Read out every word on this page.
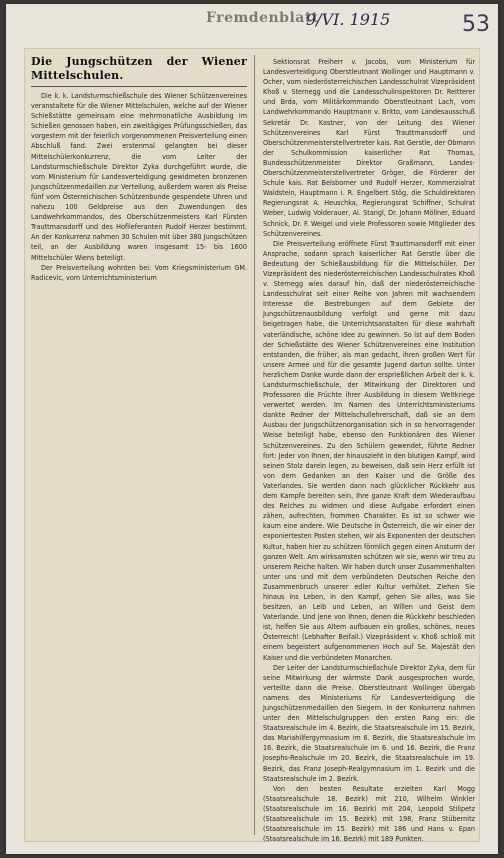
Fremdenblatt
9/VI. 1915	53
Die Jungschützen der Wiener Mittelschulen.

Die k. k. Landsturmschießschule des Wiener Schützenvereines veranstaltete für die Wiener Mittelschulen, welche auf der Wiener Schießstätte gemeinsam eine mehrmonatliche Ausbildung im Schießen genossen haben, ein zweitägiges Prüfungsschießen, das vorgestern mit der feierlich vorgenommenen Preisverteilung einen Abschluß fand. Zwei erstenmal gelangten bei dieser Mittelschülerkonkurrenz, die vom Leiter der Landsturmschießschule Direktor Zyka durchgeführt wurde, die vom Ministerium für Landesverteidigung gewidmeten bronzenen Jungschützenmedaillen zur Verteilung, außerdem waren als Preise fünf vom Österreichischen Schützenbunde gespendete Uhren und nahezu 100 Geldpreise aus den Zuwendungen des Landwehrkommandos, des Oberschützenmeisters Karl Fürsten Trauttmansdorff und des Hoflieferanten Rudolf Herzer bestimmt. An der Konkurrenz nahmen 30 Schulen mit über 380 Jungschützen teil, an der Ausbildung waren insgesamt 15- bis 1600 Mittelschüler Wiens beteiligt.

Der Preisverteilung wohnten bei: Vom Kriegsministerium GM. Radicevic, vom Unterrichtsministerium

Sektionsrat Freiherr v. Jacobs, vom Ministerium für Landesverteidigung Oberstleutnant Wollinger und Hauptmann v. Ocher, vom niederösterreichischen Landesschulrat Vizepräsident Khoß v. Sternegg und die Landesschulinspektoren Dr. Reitterer und Brda, vom Militärkommando Oberstleutnant Lach, vom Landwehrkommando Hauptmann v. Britto, vom Landesausschuß Sekretär Dr. Kastner, von der Leitung des Wiener Schützenvereines Karl Fürst Trauttmansdorff und Oberschützenmeisterstellvertreter kais. Rat Gerstle, der Obmann der Schulkommission kaiserlicher Rat Thomas, Bundesschützenmeister Direktor Graßmann, Landes-Oberschützenmeisterstellvertreter Gröger, die Förderer der Schule kais. Rat Belsborner und Rudolf Herzer, Kommerzialrat Waldstein, Hauptmann i. R. Engelbert Stög, die Schuldirektoren Regierungsrat A. Heuschka, Regierungsrat Schiffner, Schulrat Weber, Ludwig Volderauer, Al. Stangl, Dr. Johann Möllner, Eduard Schnick, Dr. F. Weigel und viele Professoren sowie Mitglieder des Schützenvereines.

Die Preisverteilung eröffnete Fürst Trauttmansdorff mit einer Ansprache, sodann sprach kaiserlicher Rat Gerstle über die Bedeutung der Schießausbildung für die Mittelschüler. Der Vizepräsident des niederösterreichischen Landesschulrates Khoß v. Sternegg wies darauf hin, daß der niederösterreichische Landesschulrat seit einer Reihe von Jahren mit wachsendem Interesse die Bestrebungen auf dem Gebiete der Jungschützenausbildung verfolgt und gerne mit dazu beigetragen habe, die Unterrichtsanstalten für diese wahrhaft vaterländische, schöne Idee zu gewinnen. So ist auf dem Boden der Schießstätte des Wiener Schützenvereines eine Institution entstanden, die früher, als man gedacht, ihren großen Wert für unsere Armee und für die gesamte Jugend dartun sollte. Unter herzlichem Danke wurde dann der ersprießlichen Arbeit der k. k. Landsturmschießschule, der Mitwirkung der Direktoren und Professoren die Früchte ihrer Ausbildung in diesem Weltkriege verwertet werden. Im Namen des Unterrichtsministeriums dankte Redner der Mittelschullehrerschaft, daß sie an dem Ausbau der Jungschützenorganisation sich in so hervorragender Weise beteiligt habe, ebenso den Funktionären des Wiener Schützenvereines. Zu den Schülern gewendet, führte Redner fort: Jeder von Ihnen, der hinauszieht in den blutigen Kampf, wird seinen Stolz darein legen, zu beweisen, daß sein Herz erfüllt ist von dem Gedanken an den Kaiser und die Größe des Vaterlandes. Sie werden dann nach glücklicher Rückkehr aus dem Kampfe bereiten sein, Ihre ganze Kraft dem Wiederaufbau des Reiches zu widmen und diese Aufgabe erfordert einen zähen, aufrechten, frommen Charakter. Es ist so schwer wie kaum eine andere. Wie Deutsche in Österreich, die wir einer der exponiertesten Posten stehen, wir als Exponenten der deutschen Kultur, haben hier zu schützen förmlich gegen einen Ansturm der ganzen Welt. Am wirksamsten schützen wir sie, wenn wir treu zu unserem Reiche halten. Wir haben durch unser Zusammenhalten unter uns und mit dem verbündeten Deutschen Reiche den Zusammenbruch unserer edler Kultur verhütet. Ziehen Sie hinaus ins Leben, in den Kampf, gehen Sie alles, was Sie besitzen, an Leib und Leben, an Willen und Geist dem Vaterlande. Und jene von Ihnen, denen die Rückkehr beschieden ist, helfen Sie aus Altem aufbauen ein großes, schönes, neues Österreich! (Lebhafter Beifall.) Vizepräsident v. Khoß schloß mit einem begeistert aufgenommenen Hoch auf Se. Majestät den Kaiser und die verbündeten Monarchen.

Der Leiter der Landsturmschießschule Direktor Zyka, dem für seine Mitwirkung der wärmste Dank ausgesprochen wurde, verteilte dann die Preise. Oberstleutnant Wollinger übergab namens des Ministeriums für Landesverteidigung die Jungschützenmedaillen den Siegern. In der Konkurrenz nahmen unter den Mittelschulgruppen den ersten Rang ein: die Staatsrealschule im 4. Bezirk, die Staatsrealschule im 15. Bezirk, das Mariahilfergymnasium im 6. Bezirk, die Staatsrealschule im 16. Bezirk, die Staatsrealschule im 6. und 16. Bezirk, die Franz Josephs-Realschule im 20. Bezirk, die Staatsrealschule im 19. Bezirk, das Franz Joseph-Realgymnasium im 1. Bezirk und die Staatsrealschule im 2. Bezirk.

Von den besten Resultate erzielten Karl Mogg (Staatsrealschule 18. Bezirk) mit 210, Wilhelm Winkler (Staatsrealschule im 16. Bezirk) mit 204, Leopold Stilipetz (Staatsrealschule im 15. Bezirk) mit 198, Franz Stübernitz (Staatsrealschule im 15. Bezirk) mit 186 und Hans v. Epan (Staatsrealschule im 16. Bezirk) mit 189 Punkten.
